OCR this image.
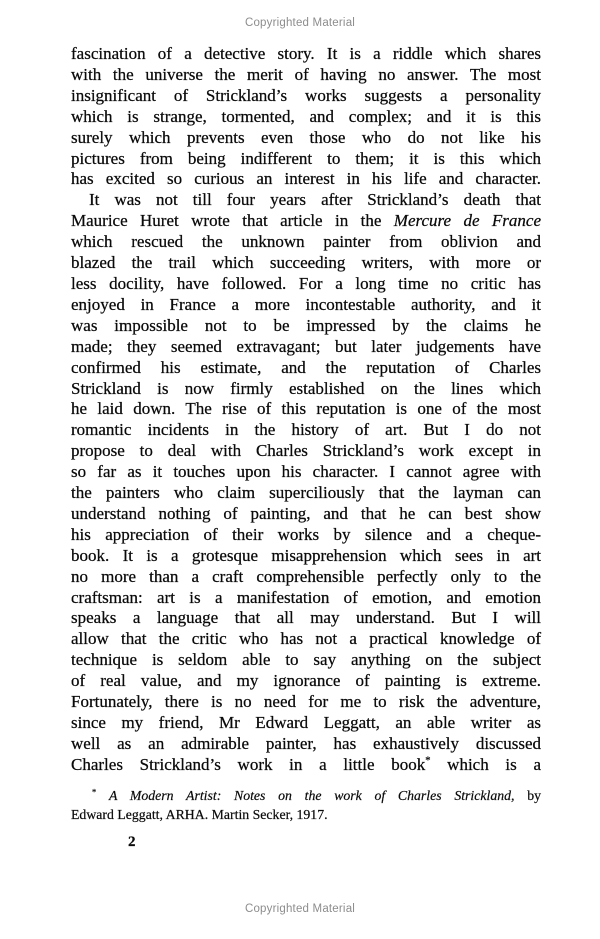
Copyrighted Material
fascination of a detective story. It is a riddle which shares
with the universe the merit of having no answer. The most
insignificant of Strickland’s works suggests a personality
which is strange, tormented, and complex; and it is this
surely which prevents even those who do not like his
pictures from being indifferent to them; it is this which
has excited so curious an interest in his life and character.
It was not till four years after Strickland’s death that
Maurice Huret wrote that article in the Mercure de France
which rescued the unknown painter from oblivion and
blazed the trail which succeeding writers, with more or
less docility, have followed. For a long time no critic has
enjoyed in France a more incontestable authority, and it
was impossible not to be impressed by the claims he
made; they seemed extravagant; but later judgements have
confirmed his estimate, and the reputation of Charles
Strickland is now firmly established on the lines which
he laid down. The rise of this reputation is one of the most
romantic incidents in the history of art. But I do not
propose to deal with Charles Strickland’s work except in
so far as it touches upon his character. I cannot agree with
the painters who claim superciliously that the layman can
understand nothing of painting, and that he can best show
his appreciation of their works by silence and a cheque-
book. It is a grotesque misapprehension which sees in art
no more than a craft comprehensible perfectly only to the
craftsman: art is a manifestation of emotion, and emotion
speaks a language that all may understand. But I will
allow that the critic who has not a practical knowledge of
technique is seldom able to say anything on the subject
of real value, and my ignorance of painting is extreme.
Fortunately, there is no need for me to risk the adventure,
since my friend, Mr Edward Leggatt, an able writer as
well as an admirable painter, has exhaustively discussed
Charles Strickland’s work in a little book* which is a
* A Modern Artist: Notes on the work of Charles Strickland, by
Edward Leggatt, ARHA. Martin Secker, 1917.
2
Copyrighted Material
